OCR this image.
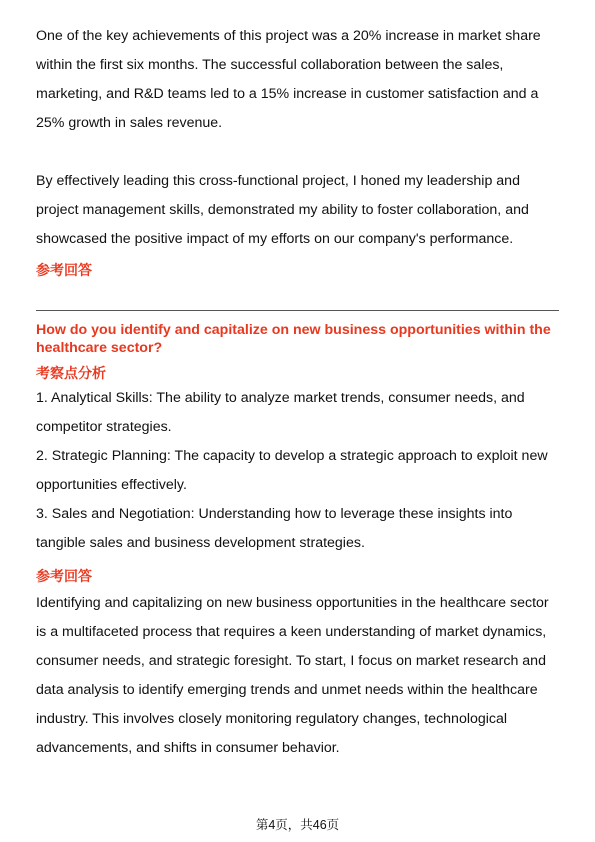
One of the key achievements of this project was a 20% increase in market share
within the first six months. The successful collaboration between the sales,
marketing, and R&D teams led to a 15% increase in customer satisfaction and a
25% growth in sales revenue.

By effectively leading this cross-functional project, I honed my leadership and
project management skills, demonstrated my ability to foster collaboration, and
showcased the positive impact of my efforts on our company's performance.

参考回答

How do you identify and capitalize on new business opportunities within the
healthcare sector?

考察点分析

1. Analytical Skills: The ability to analyze market trends, consumer needs, and
competitor strategies.
2. Strategic Planning: The capacity to develop a strategic approach to exploit new
opportunities effectively.
3. Sales and Negotiation: Understanding how to leverage these insights into
tangible sales and business development strategies.

参考回答

Identifying and capitalizing on new business opportunities in the healthcare sector
is a multifaceted process that requires a keen understanding of market dynamics,
consumer needs, and strategic foresight. To start, I focus on market research and
data analysis to identify emerging trends and unmet needs within the healthcare
industry. This involves closely monitoring regulatory changes, technological
advancements, and shifts in consumer behavior.

第4页，共46页
